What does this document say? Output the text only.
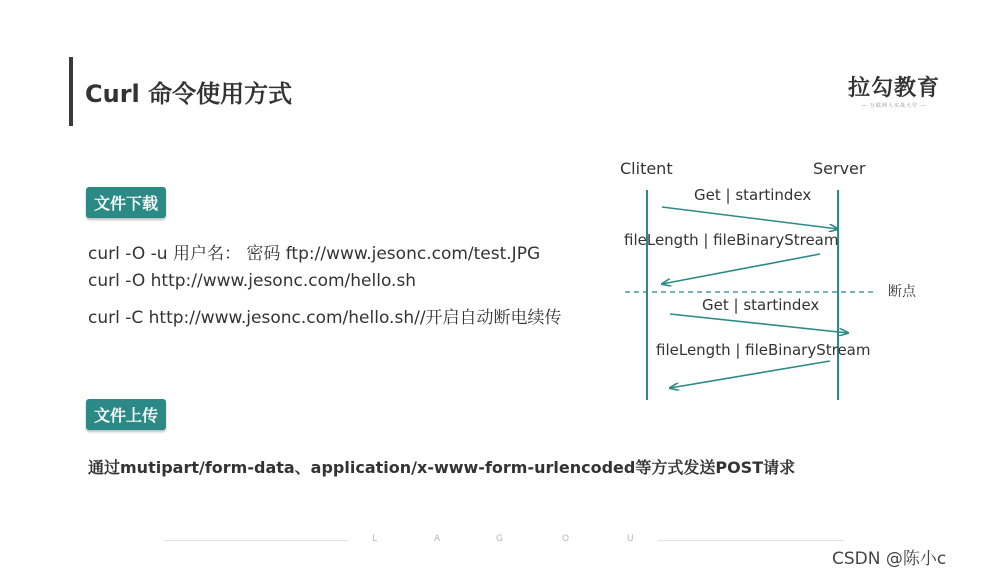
Curl 命令使用方式	拉勾教育
— 互联网人实战大学 —
文件下载
curl -O -u 用户名： 密码 ftp://www.jesonc.com/test.JPG
curl -O http://www.jesonc.com/hello.sh
curl -C http://www.jesonc.com/hello.sh//开启自动断电续传
文件上传
通过mutipart/form-data、application/x-www-form-urlencoded等方式发送POST请求
Clitent	Server
断点
Get | startindex
fileLength | fileBinaryStream
Get | startindex
fileLength | fileBinaryStream
L	A	G	O	U
CSDN @陈小c
